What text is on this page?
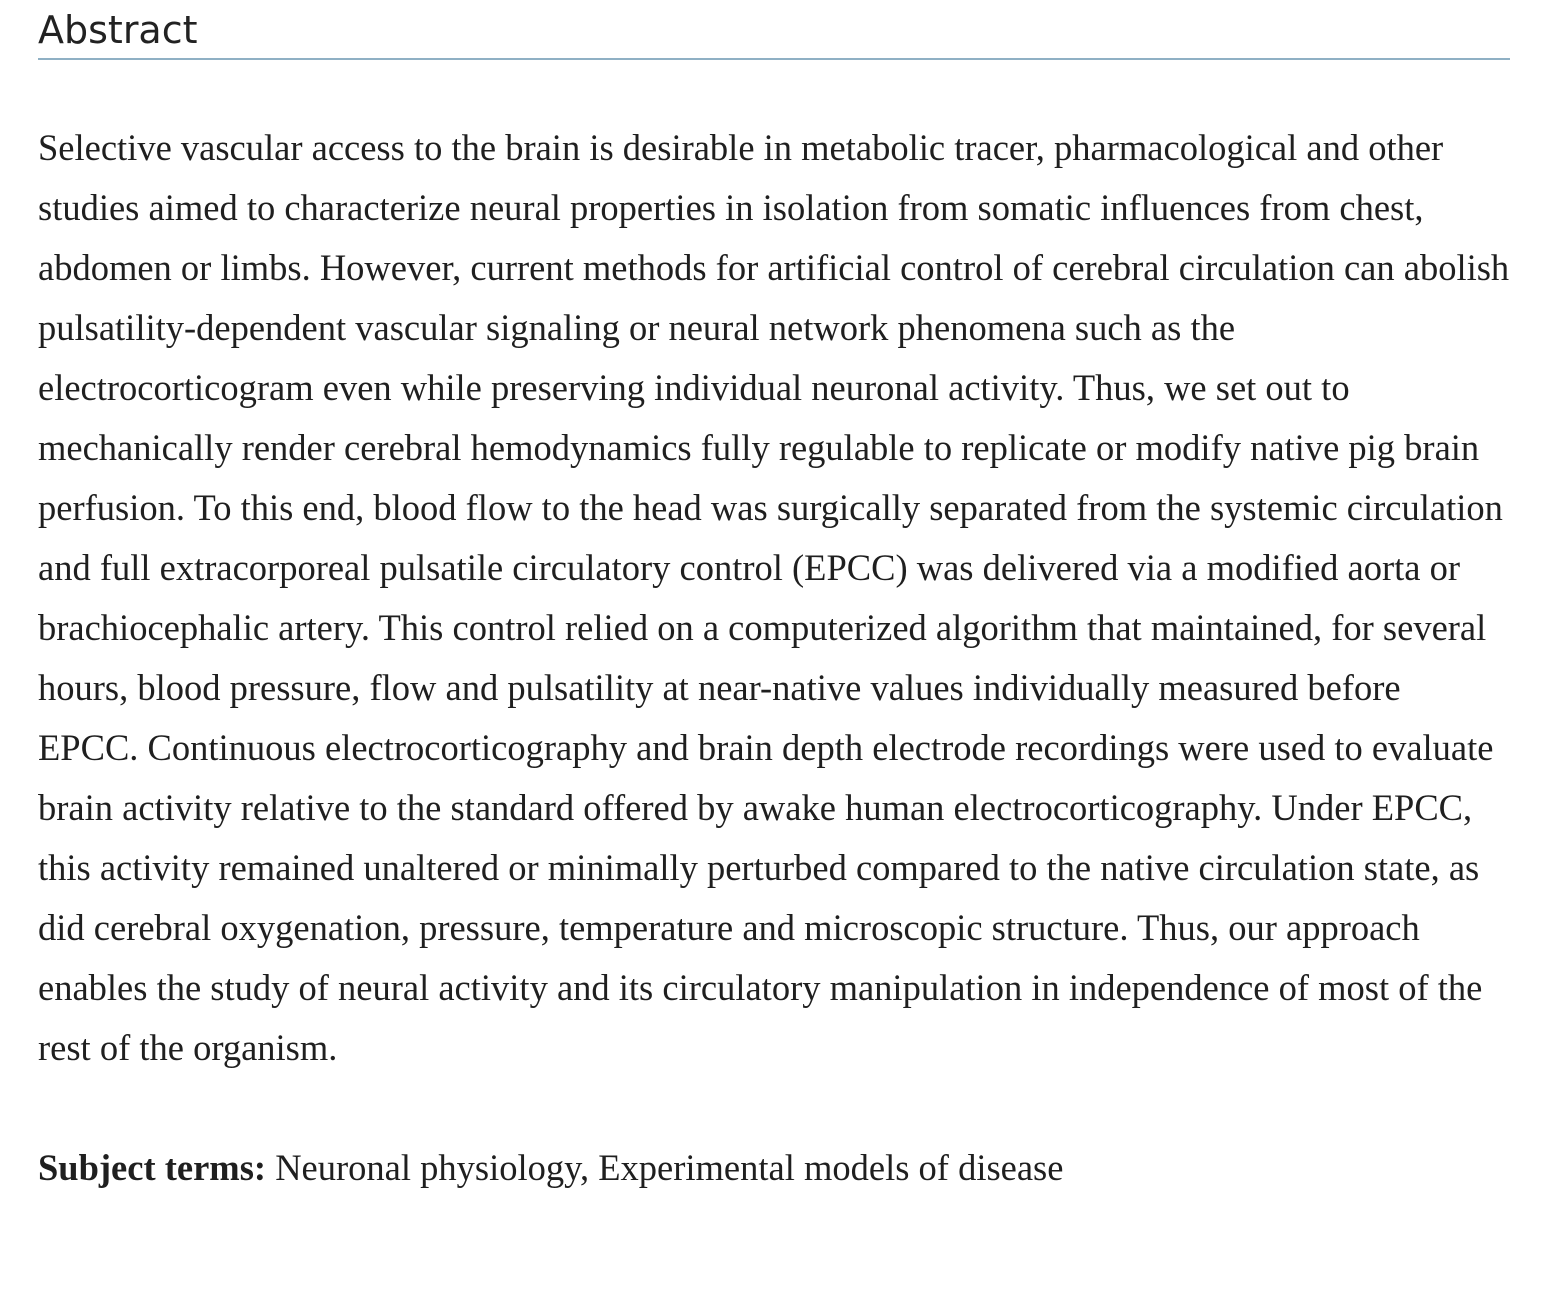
Abstract

Selective vascular access to the brain is desirable in metabolic tracer, pharmacological and other studies aimed to characterize neural properties in isolation from somatic influences from chest, abdomen or limbs. However, current methods for artificial control of cerebral circulation can abolish pulsatility-dependent vascular signaling or neural network phenomena such as the electrocorticogram even while preserving individual neuronal activity. Thus, we set out to mechanically render cerebral hemodynamics fully regulable to replicate or modify native pig brain perfusion. To this end, blood flow to the head was surgically separated from the systemic circulation and full extracorporeal pulsatile circulatory control (EPCC) was delivered via a modified aorta or brachiocephalic artery. This control relied on a computerized algorithm that maintained, for several hours, blood pressure, flow and pulsatility at near-native values individually measured before EPCC. Continuous electrocorticography and brain depth electrode recordings were used to evaluate brain activity relative to the standard offered by awake human electrocorticography. Under EPCC, this activity remained unaltered or minimally perturbed compared to the native circulation state, as did cerebral oxygenation, pressure, temperature and microscopic structure. Thus, our approach enables the study of neural activity and its circulatory manipulation in independence of most of the rest of the organism.

Subject terms: Neuronal physiology, Experimental models of disease
